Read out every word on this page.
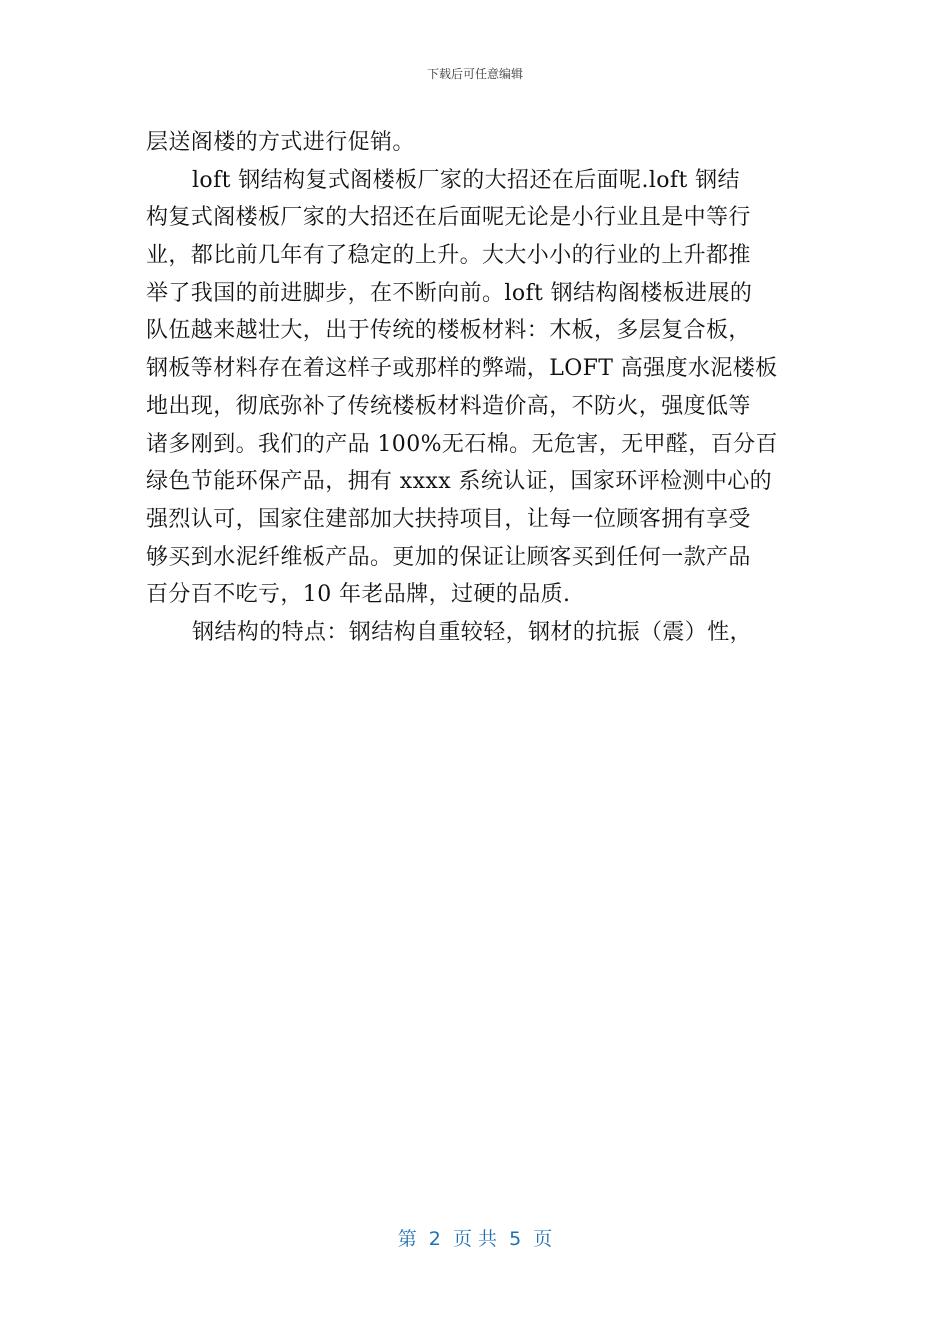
下载后可任意编辑

层送阁楼的方式进行促销。

loft 钢结构复式阁楼板厂家的大招还在后面呢.loft 钢结
构复式阁楼板厂家的大招还在后面呢无论是小行业且是中等行
业，都比前几年有了稳定的上升。大大小小的行业的上升都推
举了我国的前进脚步，在不断向前。loft 钢结构阁楼板进展的
队伍越来越壮大，出于传统的楼板材料：木板，多层复合板，
钢板等材料存在着这样子或那样的弊端，LOFT 高强度水泥楼板
地出现，彻底弥补了传统楼板材料造价高，不防火，强度低等
诸多刚到。我们的产品 100%无石棉。无危害，无甲醛，百分百
绿色节能环保产品，拥有 xxxx 系统认证，国家环评检测中心的
强烈认可，国家住建部加大扶持项目，让每一位顾客拥有享受
够买到水泥纤维板产品。更加的保证让顾客买到任何一款产品
百分百不吃亏，10 年老品牌，过硬的品质.

钢结构的特点：钢结构自重较轻，钢材的抗振（震）性，

第  2  页 共  5  页
